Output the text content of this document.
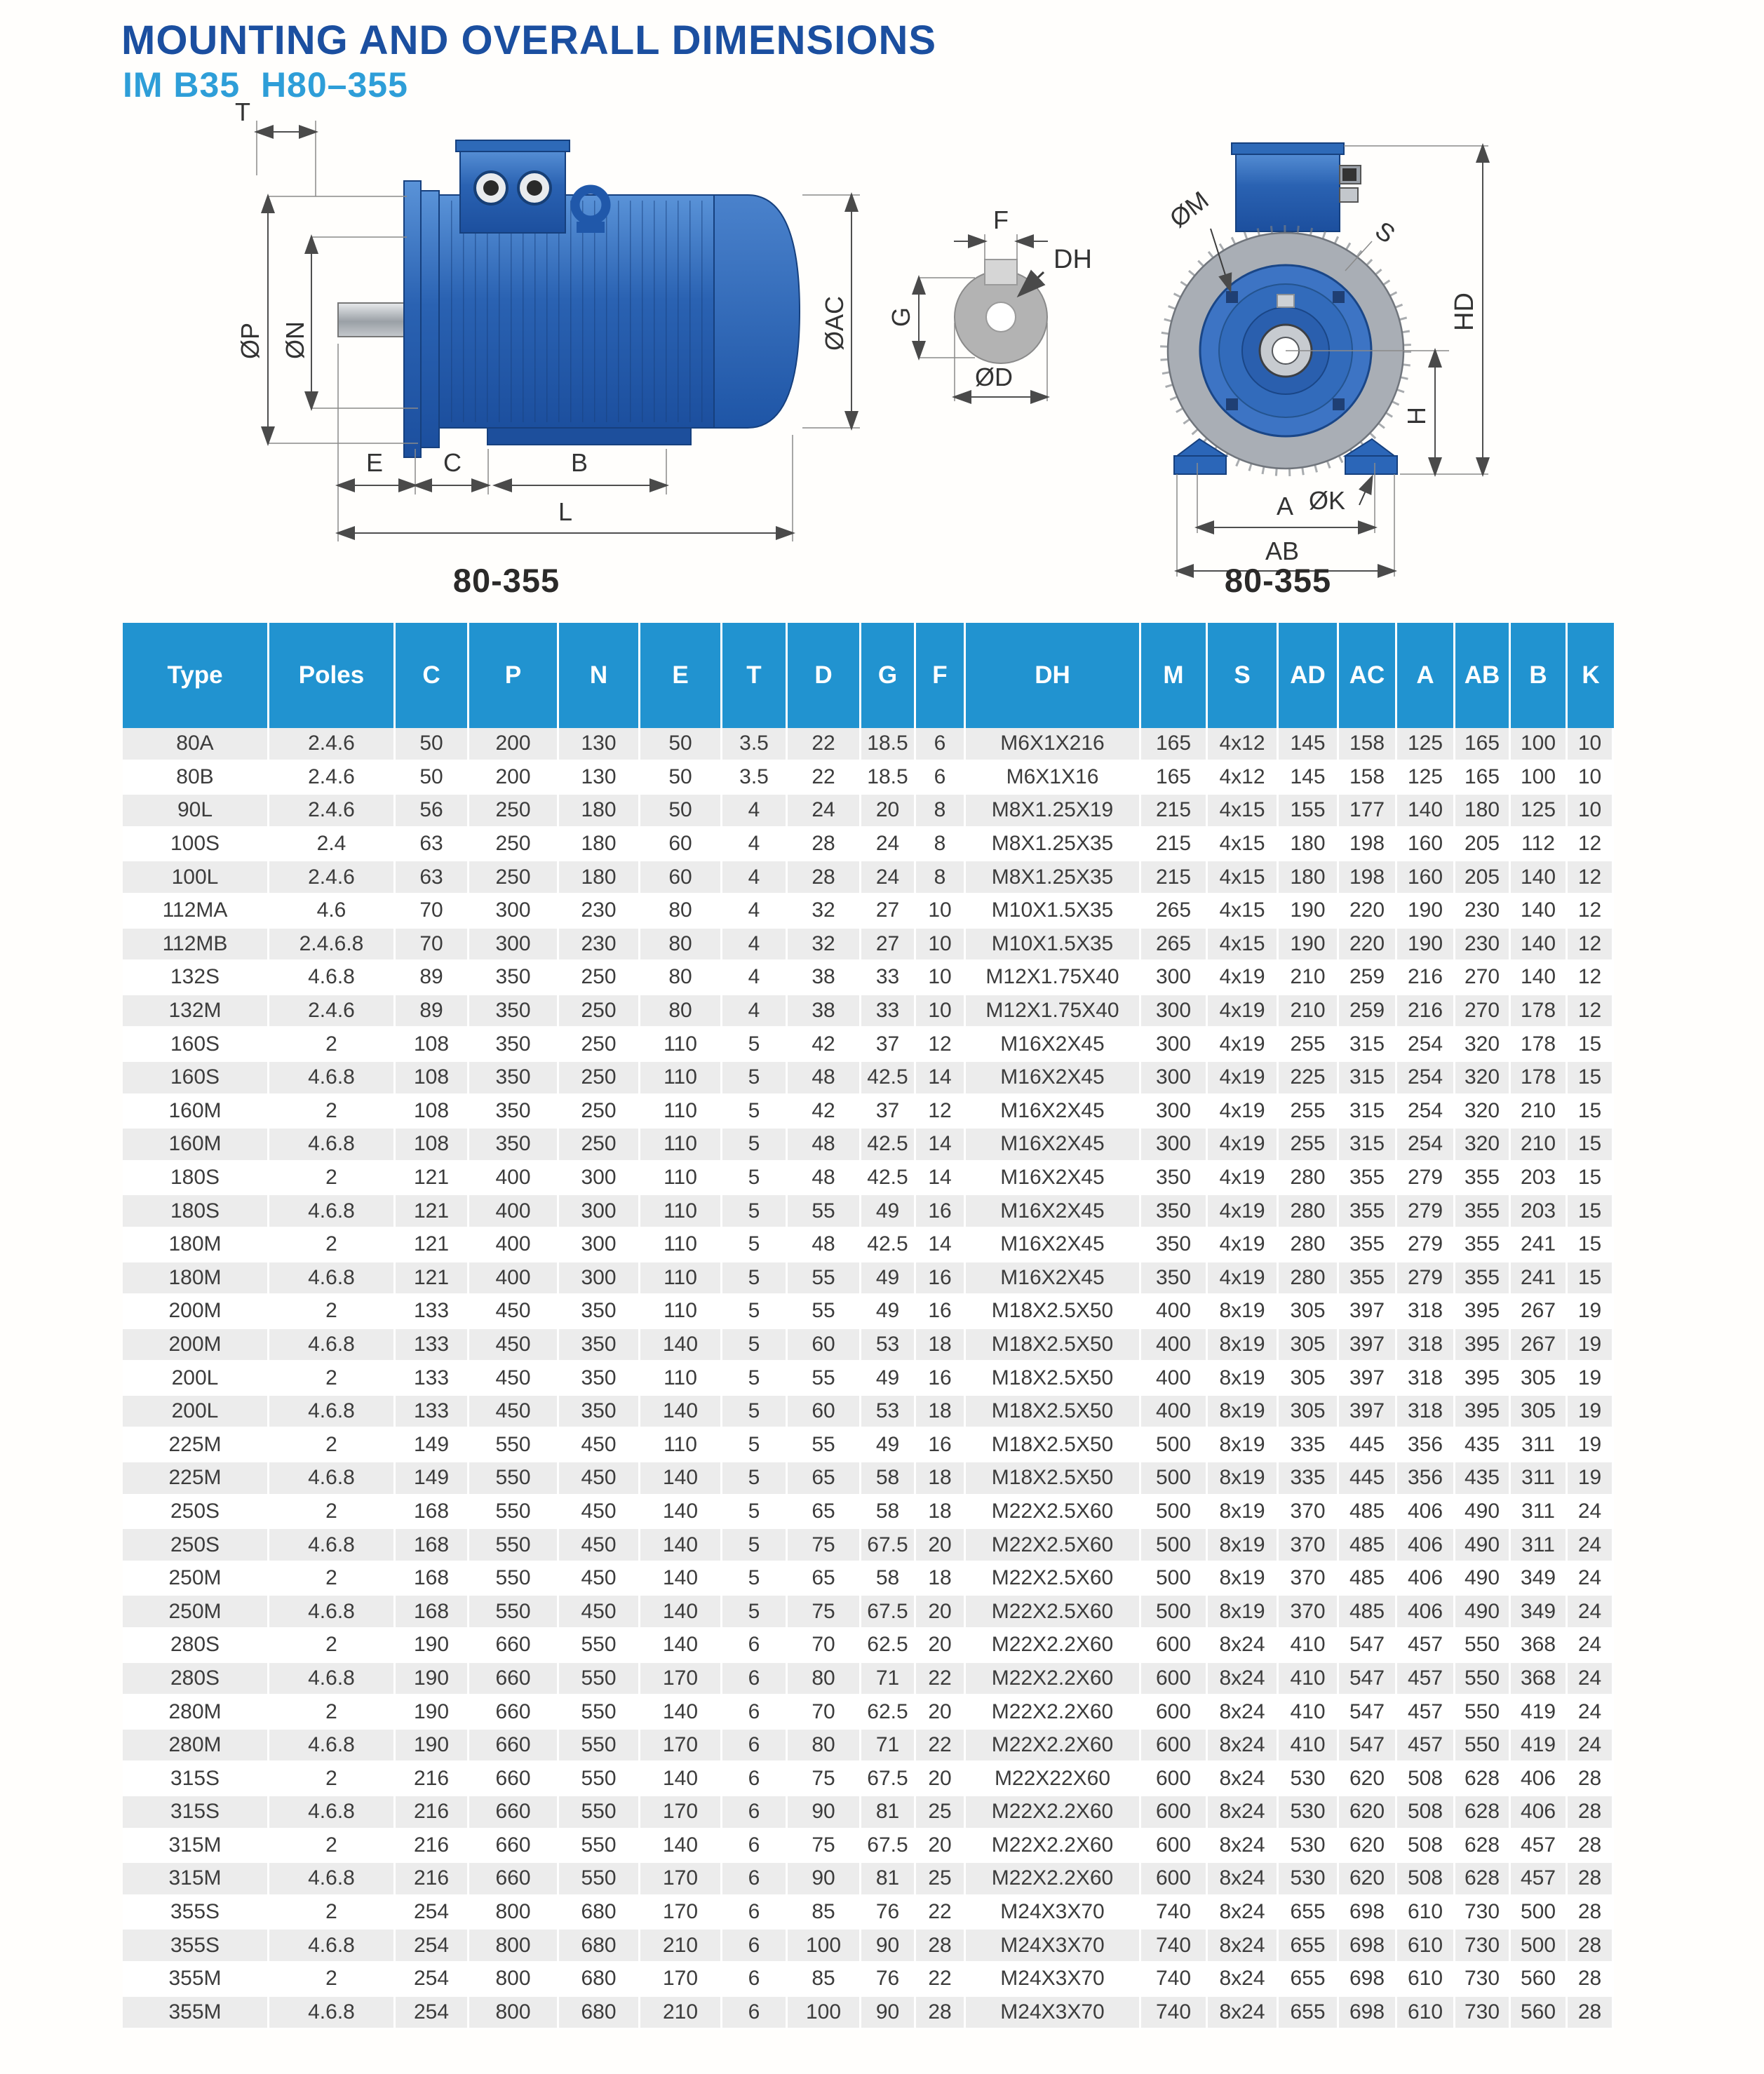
MOUNTING AND OVERALL DIMENSIONS
IM B35  H80–355
T
ØP ØN	ØAC
E C	B
L
F
DH
G
ØD
ØM	S
HD
H
ØK
A
AB
80-355	80-355
Type	Poles	C	P	N	E	T	D	G	F	DH	M	S	AD	AC	A	AB	B	K
80A	2.4.6	50	200	130	50	3.5	22	18.5	6	M6X1X216	165	4x12	145	158	125	165	100	10
80B	2.4.6	50	200	130	50	3.5	22	18.5	6	M6X1X16	165	4x12	145	158	125	165	100	10
90L	2.4.6	56	250	180	50	4	24	20	8	M8X1.25X19	215	4x15	155	177	140	180	125	10
100S	2.4	63	250	180	60	4	28	24	8	M8X1.25X35	215	4x15	180	198	160	205	112	12
100L	2.4.6	63	250	180	60	4	28	24	8	M8X1.25X35	215	4x15	180	198	160	205	140	12
112MA	4.6	70	300	230	80	4	32	27	10	M10X1.5X35	265	4x15	190	220	190	230	140	12
112MB	2.4.6.8	70	300	230	80	4	32	27	10	M10X1.5X35	265	4x15	190	220	190	230	140	12
132S	4.6.8	89	350	250	80	4	38	33	10	M12X1.75X40	300	4x19	210	259	216	270	140	12
132M	2.4.6	89	350	250	80	4	38	33	10	M12X1.75X40	300	4x19	210	259	216	270	178	12
160S	2	108	350	250	110	5	42	37	12	M16X2X45	300	4x19	255	315	254	320	178	15
160S	4.6.8	108	350	250	110	5	48	42.5	14	M16X2X45	300	4x19	225	315	254	320	178	15
160M	2	108	350	250	110	5	42	37	12	M16X2X45	300	4x19	255	315	254	320	210	15
160M	4.6.8	108	350	250	110	5	48	42.5	14	M16X2X45	300	4x19	255	315	254	320	210	15
180S	2	121	400	300	110	5	48	42.5	14	M16X2X45	350	4x19	280	355	279	355	203	15
180S	4.6.8	121	400	300	110	5	55	49	16	M16X2X45	350	4x19	280	355	279	355	203	15
180M	2	121	400	300	110	5	48	42.5	14	M16X2X45	350	4x19	280	355	279	355	241	15
180M	4.6.8	121	400	300	110	5	55	49	16	M16X2X45	350	4x19	280	355	279	355	241	15
200M	2	133	450	350	110	5	55	49	16	M18X2.5X50	400	8x19	305	397	318	395	267	19
200M	4.6.8	133	450	350	140	5	60	53	18	M18X2.5X50	400	8x19	305	397	318	395	267	19
200L	2	133	450	350	110	5	55	49	16	M18X2.5X50	400	8x19	305	397	318	395	305	19
200L	4.6.8	133	450	350	140	5	60	53	18	M18X2.5X50	400	8x19	305	397	318	395	305	19
225M	2	149	550	450	110	5	55	49	16	M18X2.5X50	500	8x19	335	445	356	435	311	19
225M	4.6.8	149	550	450	140	5	65	58	18	M18X2.5X50	500	8x19	335	445	356	435	311	19
250S	2	168	550	450	140	5	65	58	18	M22X2.5X60	500	8x19	370	485	406	490	311	24
250S	4.6.8	168	550	450	140	5	75	67.5	20	M22X2.5X60	500	8x19	370	485	406	490	311	24
250M	2	168	550	450	140	5	65	58	18	M22X2.5X60	500	8x19	370	485	406	490	349	24
250M	4.6.8	168	550	450	140	5	75	67.5	20	M22X2.5X60	500	8x19	370	485	406	490	349	24
280S	2	190	660	550	140	6	70	62.5	20	M22X2.2X60	600	8x24	410	547	457	550	368	24
280S	4.6.8	190	660	550	170	6	80	71	22	M22X2.2X60	600	8x24	410	547	457	550	368	24
280M	2	190	660	550	140	6	70	62.5	20	M22X2.2X60	600	8x24	410	547	457	550	419	24
280M	4.6.8	190	660	550	170	6	80	71	22	M22X2.2X60	600	8x24	410	547	457	550	419	24
315S	2	216	660	550	140	6	75	67.5	20	M22X22X60	600	8x24	530	620	508	628	406	28
315S	4.6.8	216	660	550	170	6	90	81	25	M22X2.2X60	600	8x24	530	620	508	628	406	28
315M	2	216	660	550	140	6	75	67.5	20	M22X2.2X60	600	8x24	530	620	508	628	457	28
315M	4.6.8	216	660	550	170	6	90	81	25	M22X2.2X60	600	8x24	530	620	508	628	457	28
355S	2	254	800	680	170	6	85	76	22	M24X3X70	740	8x24	655	698	610	730	500	28
355S	4.6.8	254	800	680	210	6	100	90	28	M24X3X70	740	8x24	655	698	610	730	500	28
355M	2	254	800	680	170	6	85	76	22	M24X3X70	740	8x24	655	698	610	730	560	28
355M	4.6.8	254	800	680	210	6	100	90	28	M24X3X70	740	8x24	655	698	610	730	560	28
